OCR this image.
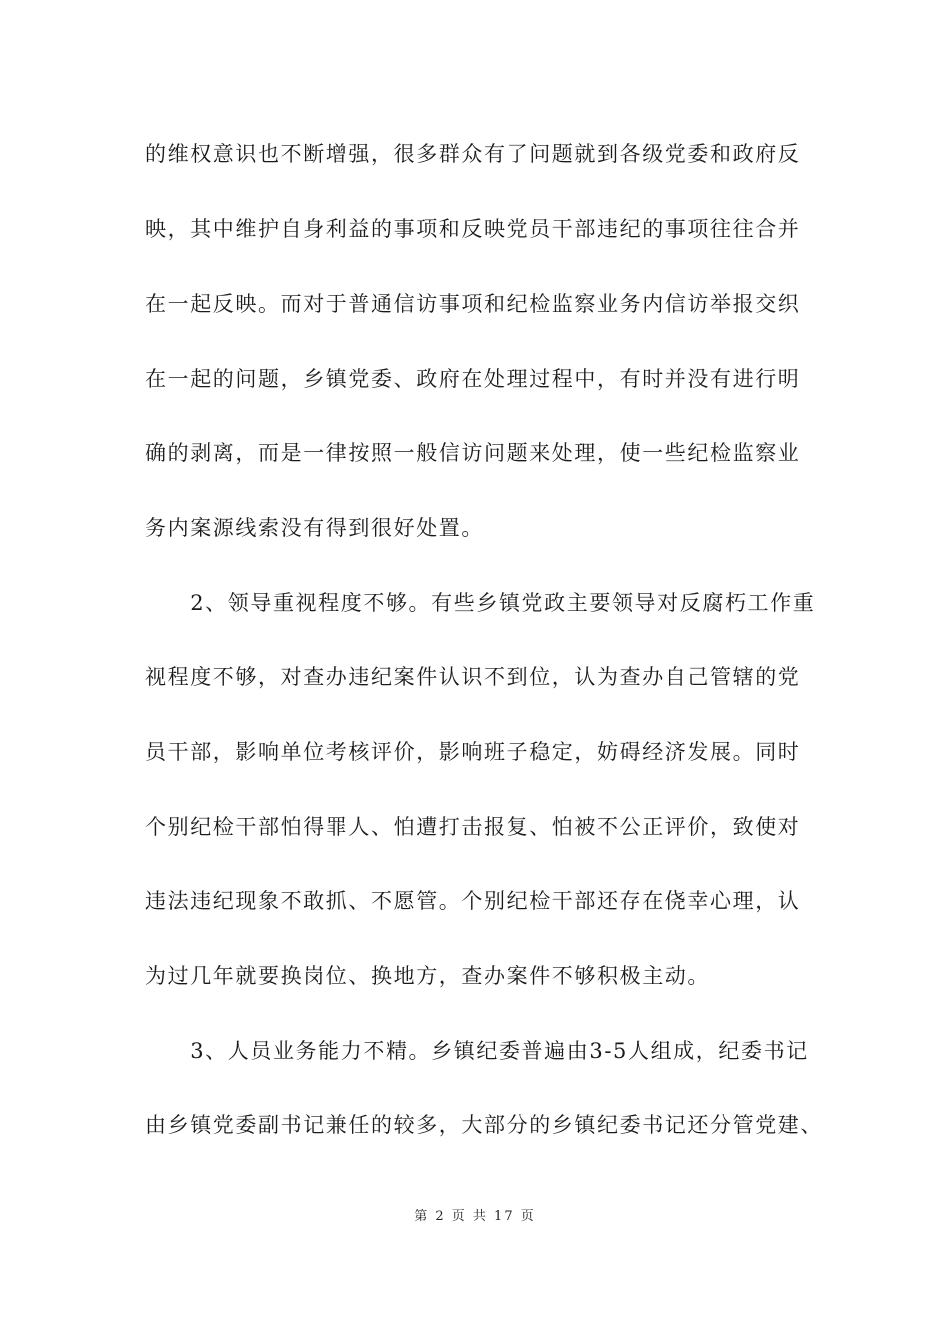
的维权意识也不断增强，很多群众有了问题就到各级党委和政府反
映，其中维护自身利益的事项和反映党员干部违纪的事项往往合并
在一起反映。而对于普通信访事项和纪检监察业务内信访举报交织
在一起的问题，乡镇党委、政府在处理过程中，有时并没有进行明
确的剥离，而是一律按照一般信访问题来处理，使一些纪检监察业
务内案源线索没有得到很好处置。
　　2、领导重视程度不够。有些乡镇党政主要领导对反腐朽工作重
视程度不够，对查办违纪案件认识不到位，认为查办自己管辖的党
员干部，影响单位考核评价，影响班子稳定，妨碍经济发展。同时
个别纪检干部怕得罪人、怕遭打击报复、怕被不公正评价，致使对
违法违纪现象不敢抓、不愿管。个别纪检干部还存在侥幸心理，认
为过几年就要换岗位、换地方，查办案件不够积极主动。
　　3、人员业务能力不精。乡镇纪委普遍由3-5人组成，纪委书记
由乡镇党委副书记兼任的较多，大部分的乡镇纪委书记还分管党建、
第 2 页 共 17 页
